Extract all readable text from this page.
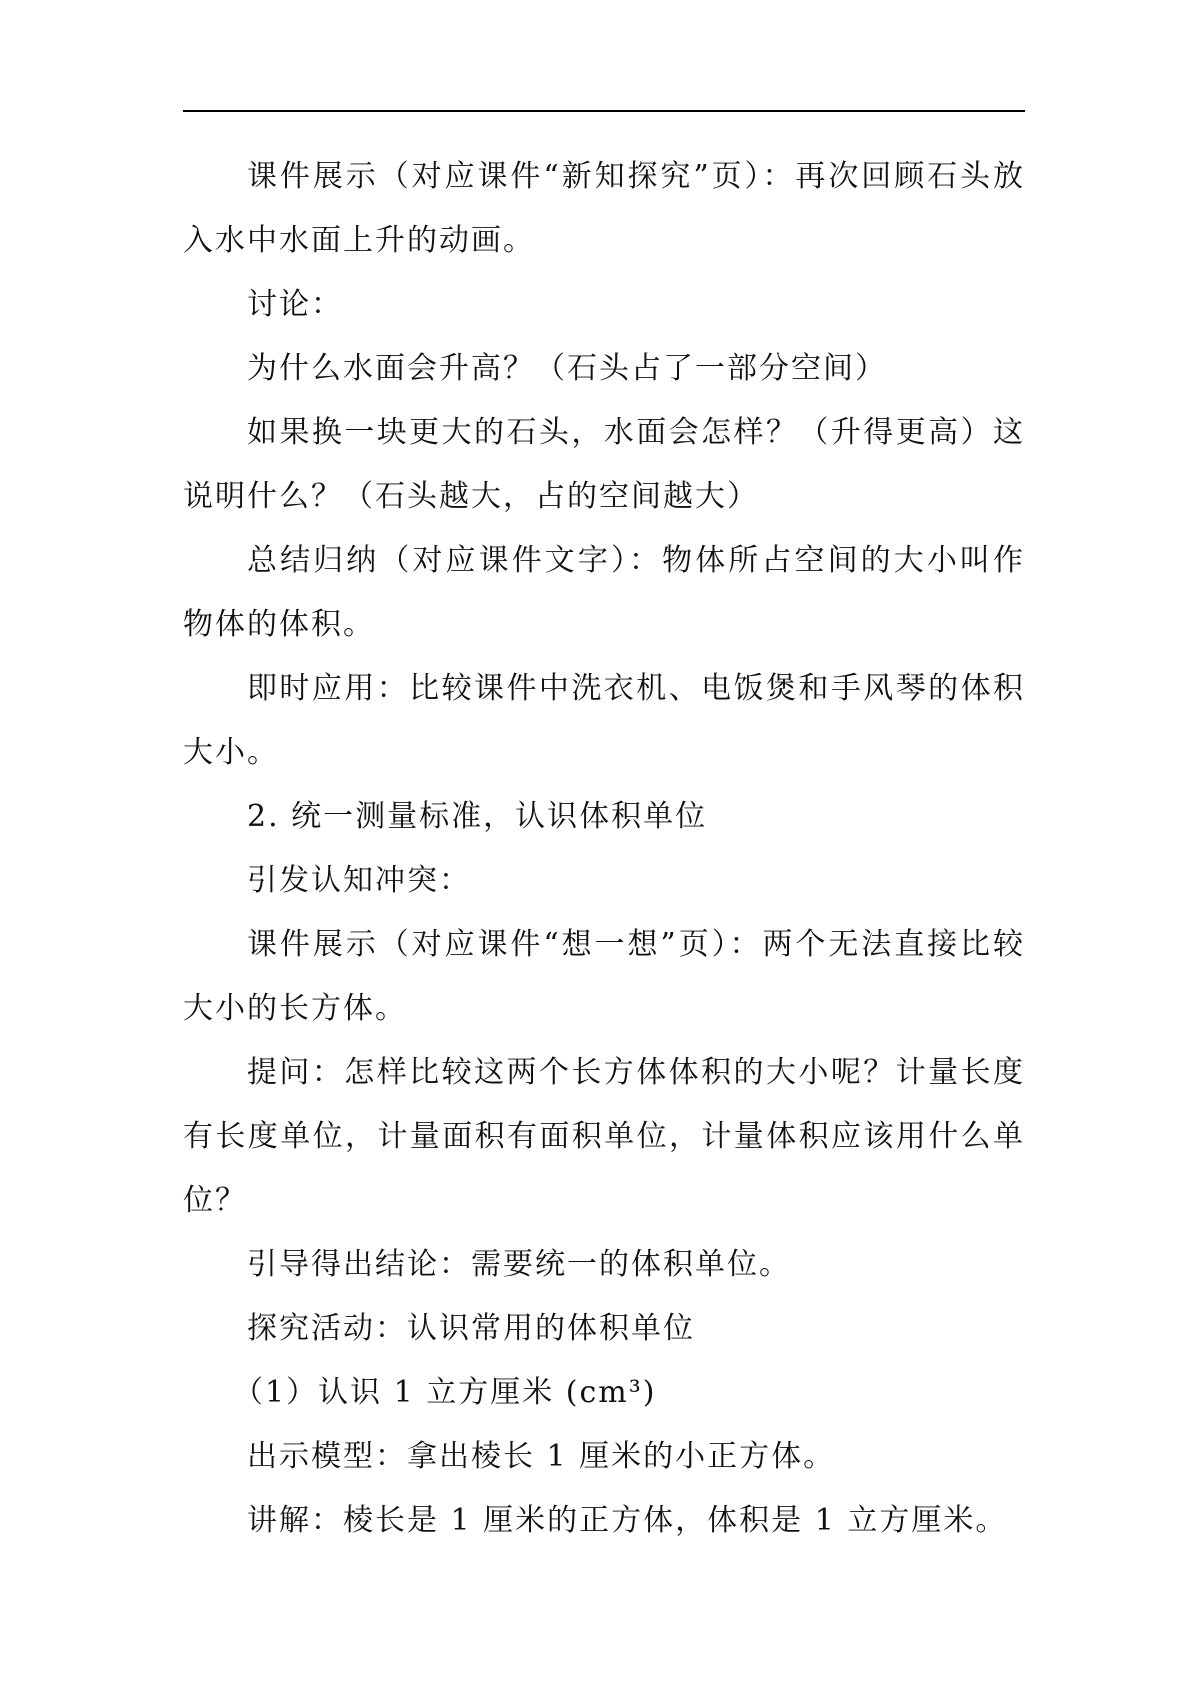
课件展示（对应课件“新知探究”页）：再次回顾石头放入水中水面上升的动画。

讨论：

为什么水面会升高？（石头占了一部分空间）

如果换一块更大的石头，水面会怎样？（升得更高）这说明什么？（石头越大，占的空间越大）

总结归纳（对应课件文字）：物体所占空间的大小叫作物体的体积。

即时应用：比较课件中洗衣机、电饭煲和手风琴的体积大小。

2. 统一测量标准，认识体积单位

引发认知冲突：

课件展示（对应课件“想一想”页）：两个无法直接比较大小的长方体。

提问：怎样比较这两个长方体体积的大小呢？计量长度有长度单位，计量面积有面积单位，计量体积应该用什么单位？

引导得出结论：需要统一的体积单位。

探究活动：认识常用的体积单位

（1）认识 1 立方厘米 (cm³)

出示模型：拿出棱长 1 厘米的小正方体。

讲解：棱长是 1 厘米的正方体，体积是 1 立方厘米。
